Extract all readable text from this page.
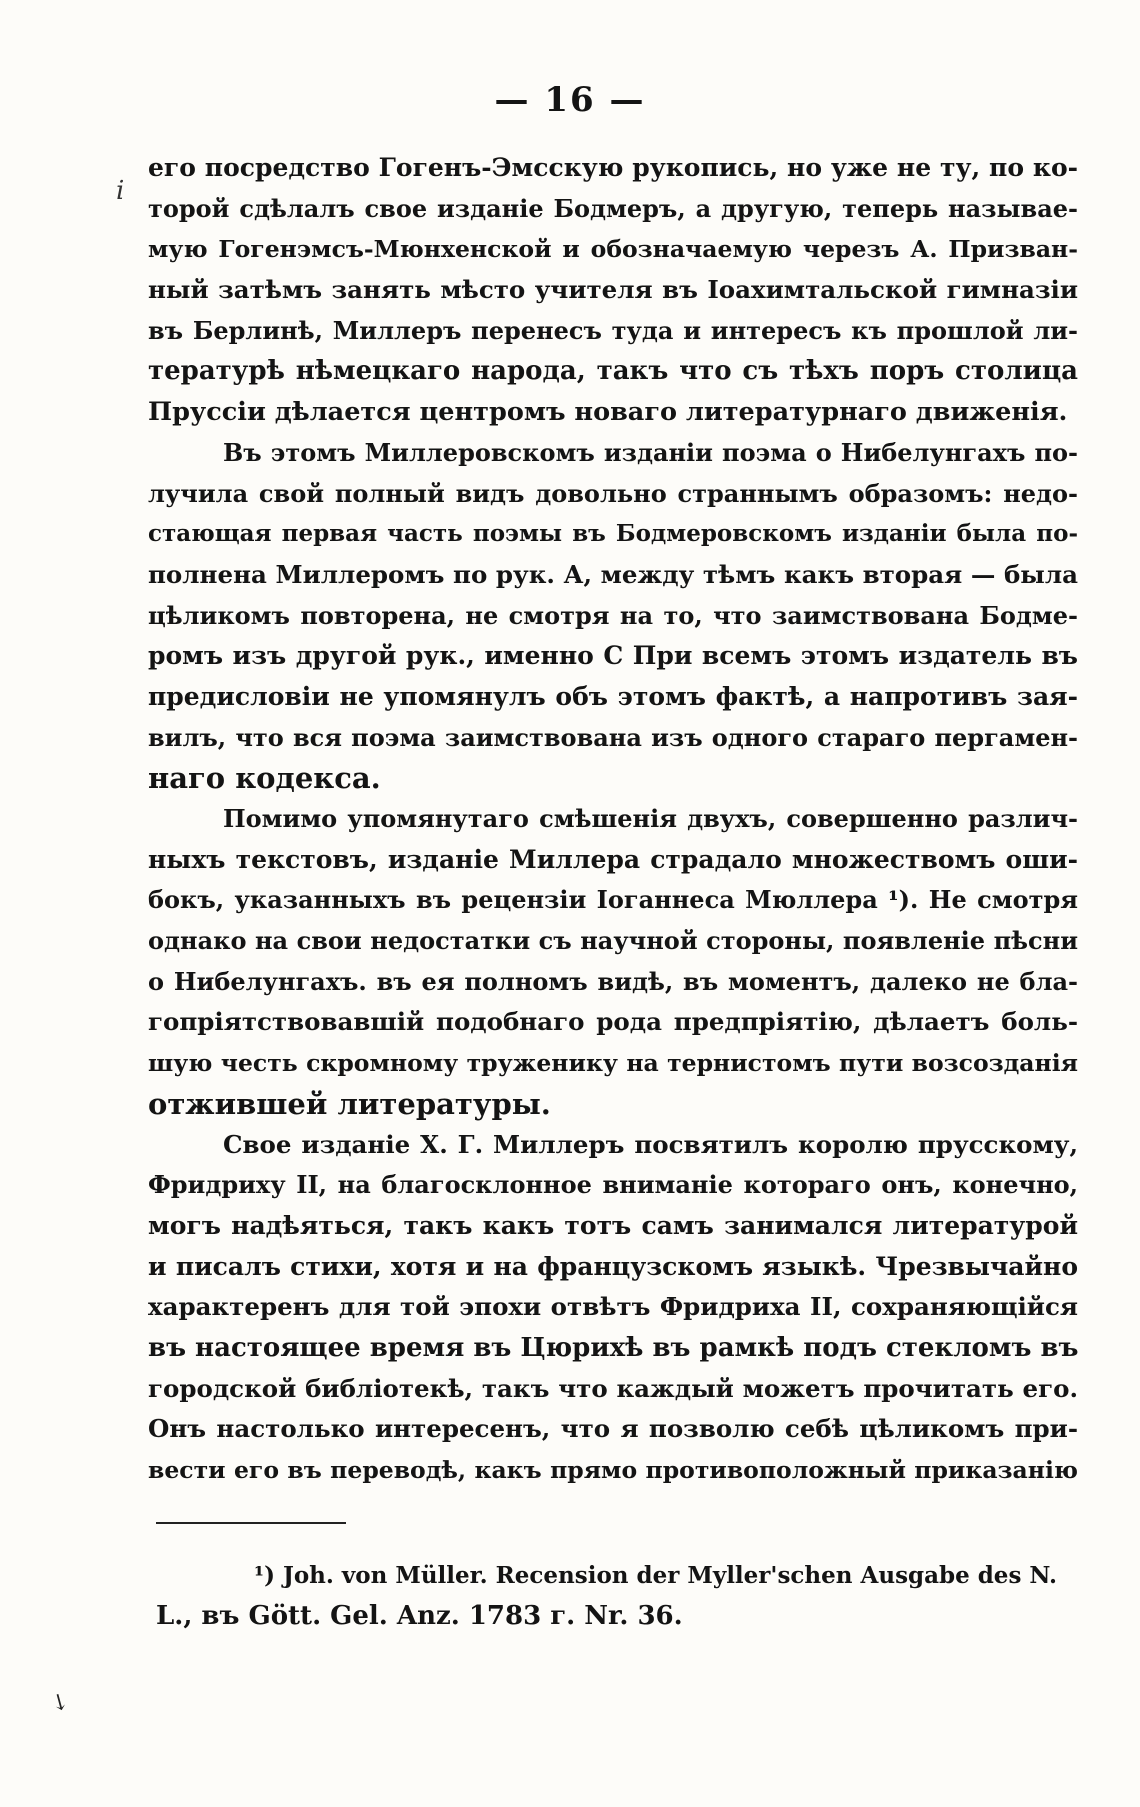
— 16 —
i
его посредство Гогенъ-Эмсскую рукопись, но уже не ту, по ко-
торой сдѣлалъ свое изданіе Бодмеръ, а другую, теперь называе-
мую Гогенэмсъ-Мюнхенской и обозначаемую черезъ А. Призван-
ный затѣмъ занять мѣсто учителя въ Іоахимтальской гимназіи
въ Берлинѣ, Миллеръ перенесъ туда и интересъ къ прошлой ли-
тературѣ нѣмецкаго народа, такъ что съ тѣхъ поръ столица
Пруссіи дѣлается центромъ новаго литературнаго движенія.
Въ этомъ Миллеровскомъ изданіи поэма о Нибелунгахъ по-
лучила свой полный видъ довольно страннымъ образомъ: недо-
стающая первая часть поэмы въ Бодмеровскомъ изданіи была по-
полнена Миллеромъ по рук. А, между тѣмъ какъ вторая — была
цѣликомъ повторена, не смотря на то, что заимствована Бодме-
ромъ изъ другой рук., именно С При всемъ этомъ издатель въ
предисловіи не упомянулъ объ этомъ фактѣ, а напротивъ зая-
вилъ, что вся поэма заимствована изъ одного стараго пергамен-
наго кодекса.
Помимо упомянутаго смѣшенія двухъ, совершенно различ-
ныхъ текстовъ, изданіе Миллера страдало множествомъ оши-
бокъ, указанныхъ въ рецензіи Іоганнеса Мюллера ¹). Не смотря
однако на свои недостатки съ научной стороны, появленіе пѣсни
о Нибелунгахъ. въ ея полномъ видѣ, въ моментъ, далеко не бла-
гопріятствовавшій подобнаго рода предпріятію, дѣлаетъ боль-
шую честь скромному труженику на тернистомъ пути возсозданія
отжившей литературы.
Свое изданіе Х. Г. Миллеръ посвятилъ королю прусскому,
Фридриху II, на благосклонное вниманіе котораго онъ, конечно,
могъ надѣяться, такъ какъ тотъ самъ занимался литературой
и писалъ стихи, хотя и на французскомъ языкѣ. Чрезвычайно
характеренъ для той эпохи отвѣтъ Фридриха II, сохраняющійся
въ настоящее время въ Цюрихѣ въ рамкѣ подъ стекломъ въ
городской библіотекѣ, такъ что каждый можетъ прочитать его.
Онъ настолько интересенъ, что я позволю себѣ цѣликомъ при-
вести его въ переводѣ, какъ прямо противоположный приказанію
¹) Joh. von Müller. Recension der Myller'schen Ausgabe des N.
L., въ Gött. Gel. Anz. 1783 г. Nr. 36.
↘
